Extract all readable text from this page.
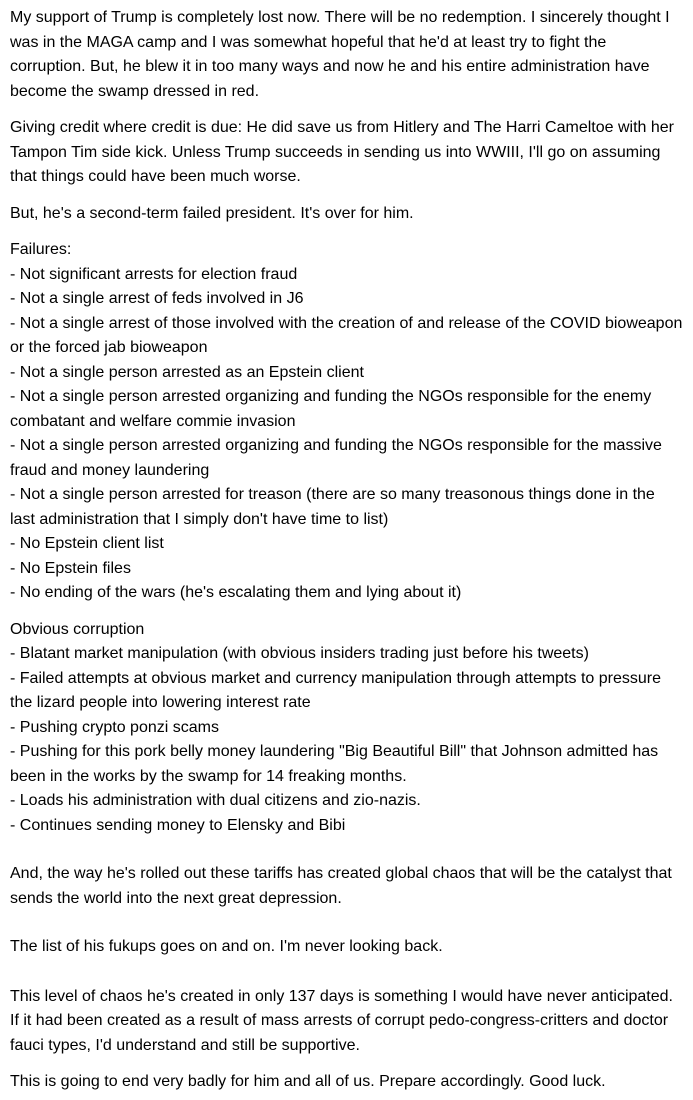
My support of Trump is completely lost now. There will be no redemption. I sincerely thought I was in the MAGA camp and I was somewhat hopeful that he'd at least try to fight the corruption. But, he blew it in too many ways and now he and his entire administration have become the swamp dressed in red.

Giving credit where credit is due: He did save us from Hitlery and The Harri Cameltoe with her Tampon Tim side kick. Unless Trump succeeds in sending us into WWIII, I'll go on assuming that things could have been much worse.

But, he's a second-term failed president. It's over for him.

Failures:

- Not significant arrests for election fraud

- Not a single arrest of feds involved in J6

- Not a single arrest of those involved with the creation of and release of the COVID bioweapon or the forced jab bioweapon

- Not a single person arrested as an Epstein client

- Not a single person arrested organizing and funding the NGOs responsible for the enemy combatant and welfare commie invasion

- Not a single person arrested organizing and funding the NGOs responsible for the massive fraud and money laundering

- Not a single person arrested for treason (there are so many treasonous things done in the last administration that I simply don't have time to list)

- No Epstein client list

- No Epstein files

- No ending of the wars (he's escalating them and lying about it)

Obvious corruption

- Blatant market manipulation (with obvious insiders trading just before his tweets)

- Failed attempts at obvious market and currency manipulation through attempts to pressure the lizard people into lowering interest rate

- Pushing crypto ponzi scams

- Pushing for this pork belly money laundering "Big Beautiful Bill" that Johnson admitted has been in the works by the swamp for 14 freaking months.

- Loads his administration with dual citizens and zio-nazis.

- Continues sending money to Elensky and Bibi

And, the way he's rolled out these tariffs has created global chaos that will be the catalyst that sends the world into the next great depression.

The list of his fukups goes on and on. I'm never looking back.

This level of chaos he's created in only 137 days is something I would have never anticipated. If it had been created as a result of mass arrests of corrupt pedo-congress-critters and doctor fauci types, I'd understand and still be supportive.

This is going to end very badly for him and all of us. Prepare accordingly. Good luck.
